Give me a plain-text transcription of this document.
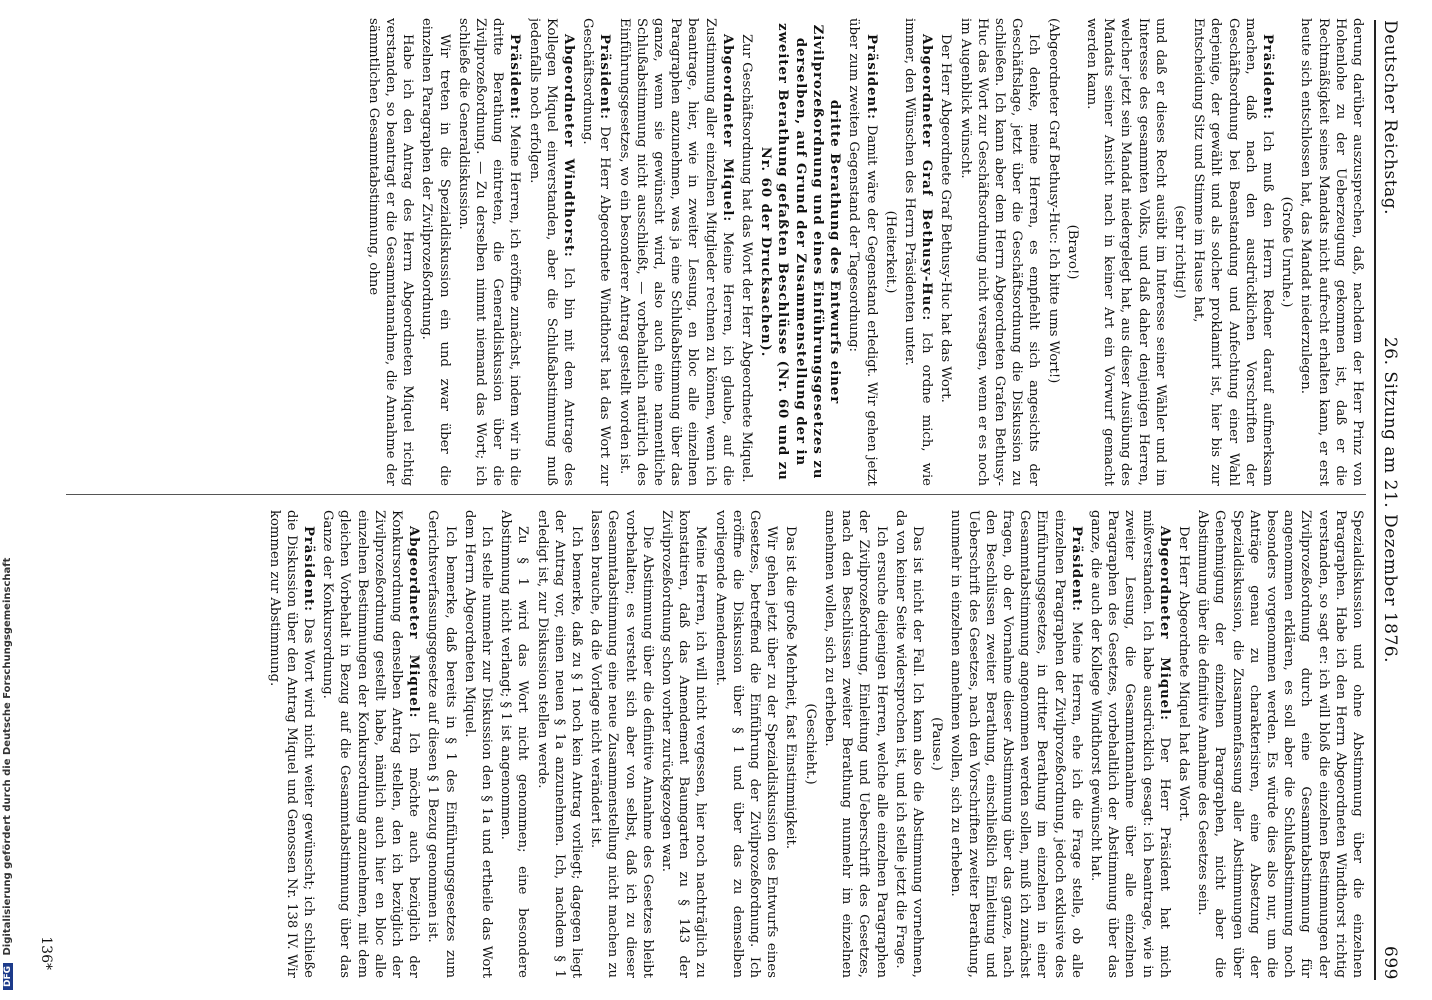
Deutscher Reichstag.
26. Sitzung am 21. Dezember 1876.
699

derung darüber auszusprechen, daß, nachdem der Herr Prinz von Hohenlohe zu der Ueberzeugung gekommen ist, daß er die Rechtmäßigkeit seines Mandats nicht aufrecht erhalten kann, er erst heute sich entschlossen hat, das Mandat niederzulegen.

(Große Unruhe.)

Präsident: Ich muß den Herrn Redner darauf aufmerksam machen, daß nach den ausdrücklichen Vorschriften der Geschäftsordnung bei Beanstandung und Anfechtung einer Wahl derjenige, der gewählt und als solcher proklamirt ist, hier bis zur Entscheidung Sitz und Stimme im Hause hat,

(sehr richtig!)

und daß er dieses Recht ausübt im Interesse seiner Wähler und im Interesse des gesammten Volks, und daß daher denjenigen Herren, welcher jetzt sein Mandat niedergelegt hat, aus dieser Ausübung des Mandats seiner Ansicht nach in keiner Art ein Vorwurf gemacht werden kann.

(Bravo!)

(Abgeordneter Graf Bethusy-Huc: Ich bitte ums Wort!)

Ich denke, meine Herren, es empfiehlt sich angesichts der Geschäftslage, jetzt über die Geschäftsordnung die Diskussion zu schließen. Ich kann aber dem Herrn Abgeordneten Grafen Bethusy-Huc das Wort zur Geschäftsordnung nicht versagen, wenn er es noch im Augenblick wünscht.

Der Herr Abgeordnete Graf Bethusy-Huc hat das Wort.

Abgeordneter Graf Bethusy-Huc: Ich ordne mich, wie immer, den Wünschen des Herrn Präsidenten unter.

(Heiterkeit.)

Präsident: Damit wäre der Gegenstand erledigt. Wir gehen jetzt über zum zweiten Gegenstand der Tagesordnung:

dritte Berathung des Entwurfs einer Zivilprozeßordnung und eines Einführungsgesetzes zu derselben, auf Grund der Zusammenstellung der in zweiter Berathung gefaßten Beschlüsse (Nr. 60 und zu Nr. 60 der Drucksachen).

Zur Geschäftsordnung hat das Wort der Herr Abgeordnete Miquel.

Abgeordneter Miquel: Meine Herren, ich glaube, auf die Zustimmung aller einzelnen Mitglieder rechnen zu können, wenn ich beantrage, hier, wie in zweiter Lesung, en bloc alle einzelnen Paragraphen anzunehmen, was ja eine Schlußabstimmung über das ganze, wenn sie gewünscht wird, also auch eine namentliche Schlußabstimmung nicht ausschließt, — vorbehaltlich natürlich des Einführungsgesetzes, wo ein besonderer Antrag gestellt worden ist.

Präsident: Der Herr Abgeordnete Windthorst hat das Wort zur Geschäftsordnung.

Abgeordneter Windthorst: Ich bin mit dem Antrage des Kollegen Miquel einverstanden, aber die Schlußabstimmung muß jedenfalls noch erfolgen.

Präsident: Meine Herren, ich eröffne zunächst, indem wir in die dritte Berathung eintreten, die Generaldiskussion über die Zivilprozeßordnung. — Zu derselben nimmt niemand das Wort; ich schließe die Generaldiskussion.

Wir treten in die Spezialdiskussion ein und zwar über die einzelnen Paragraphen der Zivilprozeßordnung.

Habe ich den Antrag des Herrn Abgeordneten Miquel richtig verstanden, so beantragt er die Gesammtannahme, die Annahme der sämmtlichen Gesammtabstimmung, ohne

Spezialdiskussion und ohne Abstimmung über die einzelnen Paragraphen. Habe ich den Herrn Abgeordneten Windthorst richtig verstanden, so sagt er: ich will bloß die einzelnen Bestimmungen der Zivilprozeßordnung durch eine Gesammtabstimmung für angenommen erklären, es soll aber die Schlußabstimmung noch besonders vorgenommen werden. Es würde dies also nur, um die Anträge genau zu charakterisiren, eine Absetzung der Spezialdiskussion, die Zusammenfassung aller Abstimmungen über Genehmigung der einzelnen Paragraphen, nicht aber die Abstimmung über die definitive Annahme des Gesetzes sein.

Der Herr Abgeordnete Miquel hat das Wort.

Abgeordneter Miquel: Der Herr Präsident hat mich mißverstanden. Ich habe ausdrücklich gesagt: ich beantrage, wie in zweiter Lesung, die Gesammtannahme über alle einzelnen Paragraphen des Gesetzes, vorbehaltlich der Abstimmung über das ganze, die auch der Kollege Windthorst gewünscht hat.

Präsident: Meine Herren, ehe ich die Frage stelle, ob alle einzelnen Paragraphen der Zivilprozeßordnung, jedoch exklusive des Einführungsgesetzes, in dritter Berathung im einzelnen in einer Gesammtabstimmung angenommen werden sollen, muß ich zunächst fragen, ob der Vornahme dieser Abstimmung über das ganze, nach den Beschlüssen zweiter Berathung, einschließlich Einleitung und Ueberschrift des Gesetzes, nach den Vorschriften zweiter Berathung, nunmehr in einzelnen annehmen wollen, sich zu erheben.

(Pause.)

Das ist nicht der Fall. Ich kann also die Abstimmung vornehmen, da von keiner Seite widersprochen ist, und ich stelle jetzt die Frage.

Ich ersuche diejenigen Herren, welche alle einzelnen Paragraphen der Zivilprozeßordnung, Einleitung und Ueberschrift des Gesetzes, nach den Beschlüssen zweiter Berathung nunmehr im einzelnen annehmen wollen, sich zu erheben.

(Geschieht.)

Das ist die große Mehrheit, fast Einstimmigkeit.

Wir gehen jetzt über zu der Spezialdiskussion des Entwurfs eines Gesetzes, betreffend die Einführung der Zivilprozeßordnung. Ich eröffne die Diskussion über § 1 und über das zu demselben vorliegende Amendement.

Meine Herren, ich will nicht vergessen, hier noch nachträglich zu konstatiren, daß das Amendement Baumgarten zu § 143 der Zivilprozeßordnung schon vorher zurückgezogen war.

Die Abstimmung über die definitive Annahme des Gesetzes bleibt vorbehalten; es versteht sich aber von selbst, daß ich zu dieser Gesammtabstimmung eine neue Zusammenstellung nicht machen zu lassen brauche, da die Vorlage nicht verändert ist.

Ich bemerke, daß zu § 1 noch kein Antrag vorliegt; dagegen liegt der Antrag vor, einen neuen § 1a anzunehmen. Ich, nachdem § 1 erledigt ist, zur Diskussion stellen werde.

Zu § 1 wird das Wort nicht genommen; eine besondere Abstimmung nicht verlangt; § 1 ist angenommen.

Ich stelle nunmehr zur Diskussion den § 1a und ertheile das Wort dem Herrn Abgeordneten Miquel.

Ich bemerke, daß bereits in § 1 des Einführungsgesetzes zum Gerichtsverfassungsgesetze auf diesen § 1 Bezug genommen ist.

Abgeordneter Miquel: Ich möchte auch bezüglich der Konkursordnung denselben Antrag stellen, den ich bezüglich der Zivilprozeßordnung gestellt habe, nämlich auch hier en bloc alle einzelnen Bestimmungen der Konkursordnung anzunehmen, mit dem gleichen Vorbehalt in Bezug auf die Gesammtabstimmung über das Ganze der Konkursordnung.

Präsident: Das Wort wird nicht weiter gewünscht; ich schließe die Diskussion über den Antrag Miquel und Genossen Nr. 138 IV. Wir kommen zur Abstimmung.

136*
DFG Digitalisierung gefördert durch die Deutsche Forschungsgemeinschaft
